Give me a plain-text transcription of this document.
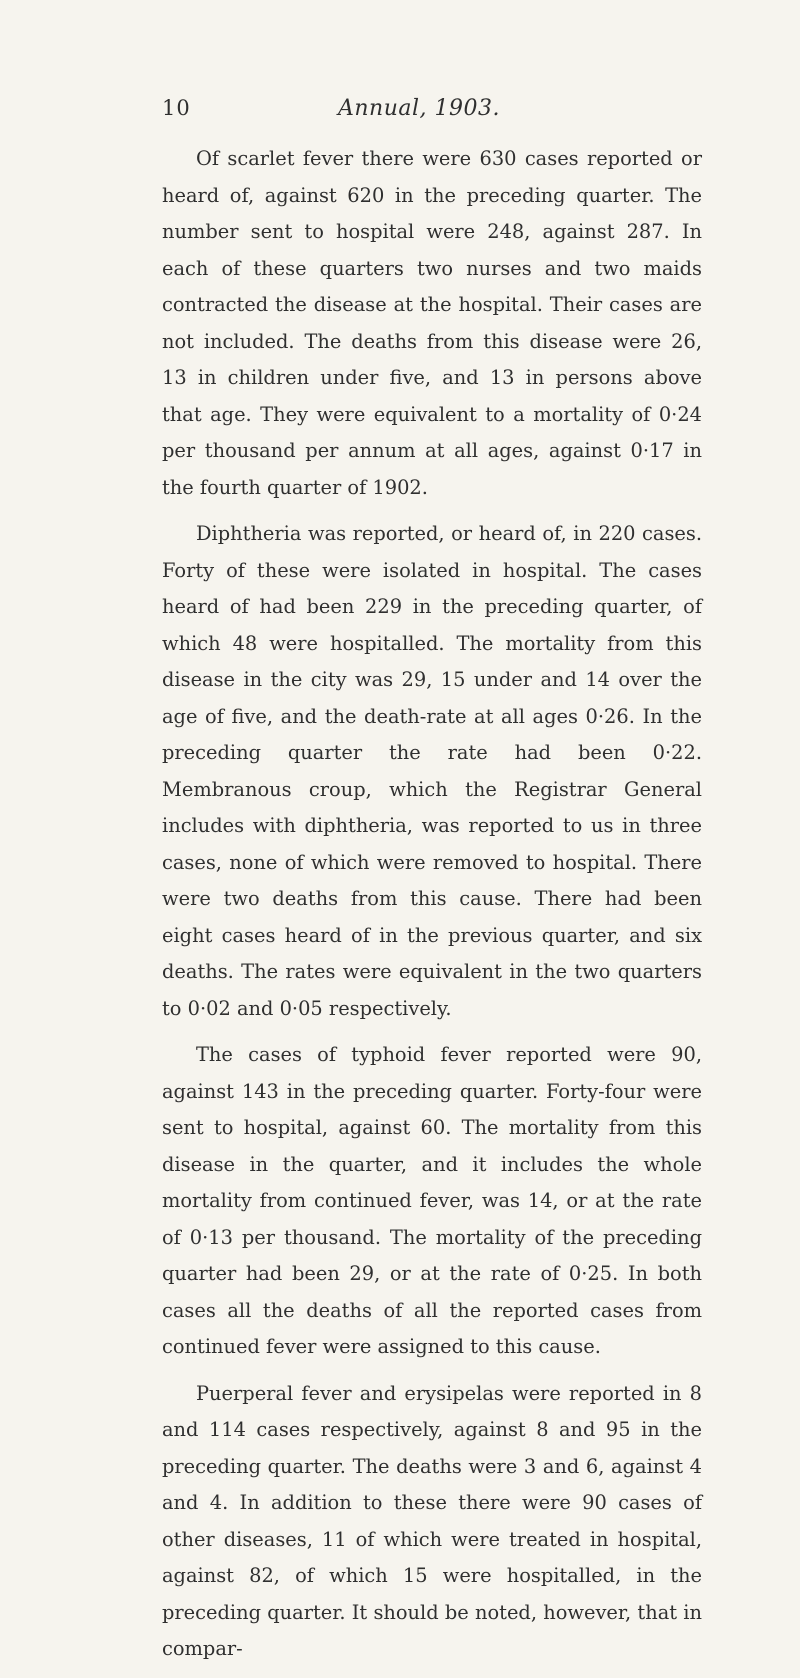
10	Annual, 1903.

Of scarlet fever there were 630 cases reported or heard of, against 620 in the preceding quarter. The number sent to hospital were 248, against 287. In each of these quarters two nurses and two maids contracted the disease at the hospital. Their cases are not included. The deaths from this disease were 26, 13 in children under five, and 13 in persons above that age. They were equivalent to a mortality of 0·24 per thousand per annum at all ages, against 0·17 in the fourth quarter of 1902.

Diphtheria was reported, or heard of, in 220 cases. Forty of these were isolated in hospital. The cases heard of had been 229 in the preceding quarter, of which 48 were hospitalled. The mortality from this disease in the city was 29, 15 under and 14 over the age of five, and the death-rate at all ages 0·26. In the preceding quarter the rate had been 0·22. Membranous croup, which the Registrar General includes with diphtheria, was reported to us in three cases, none of which were removed to hospital. There were two deaths from this cause. There had been eight cases heard of in the previous quarter, and six deaths. The rates were equivalent in the two quarters to 0·02 and 0·05 respectively.

The cases of typhoid fever reported were 90, against 143 in the preceding quarter. Forty-four were sent to hospital, against 60. The mortality from this disease in the quarter, and it includes the whole mortality from continued fever, was 14, or at the rate of 0·13 per thousand. The mortality of the preceding quarter had been 29, or at the rate of 0·25. In both cases all the deaths of all the reported cases from continued fever were assigned to this cause.

Puerperal fever and erysipelas were reported in 8 and 114 cases respectively, against 8 and 95 in the preceding quarter. The deaths were 3 and 6, against 4 and 4. In addition to these there were 90 cases of other diseases, 11 of which were treated in hospital, against 82, of which 15 were hospitalled, in the preceding quarter. It should be noted, however, that in compar-
